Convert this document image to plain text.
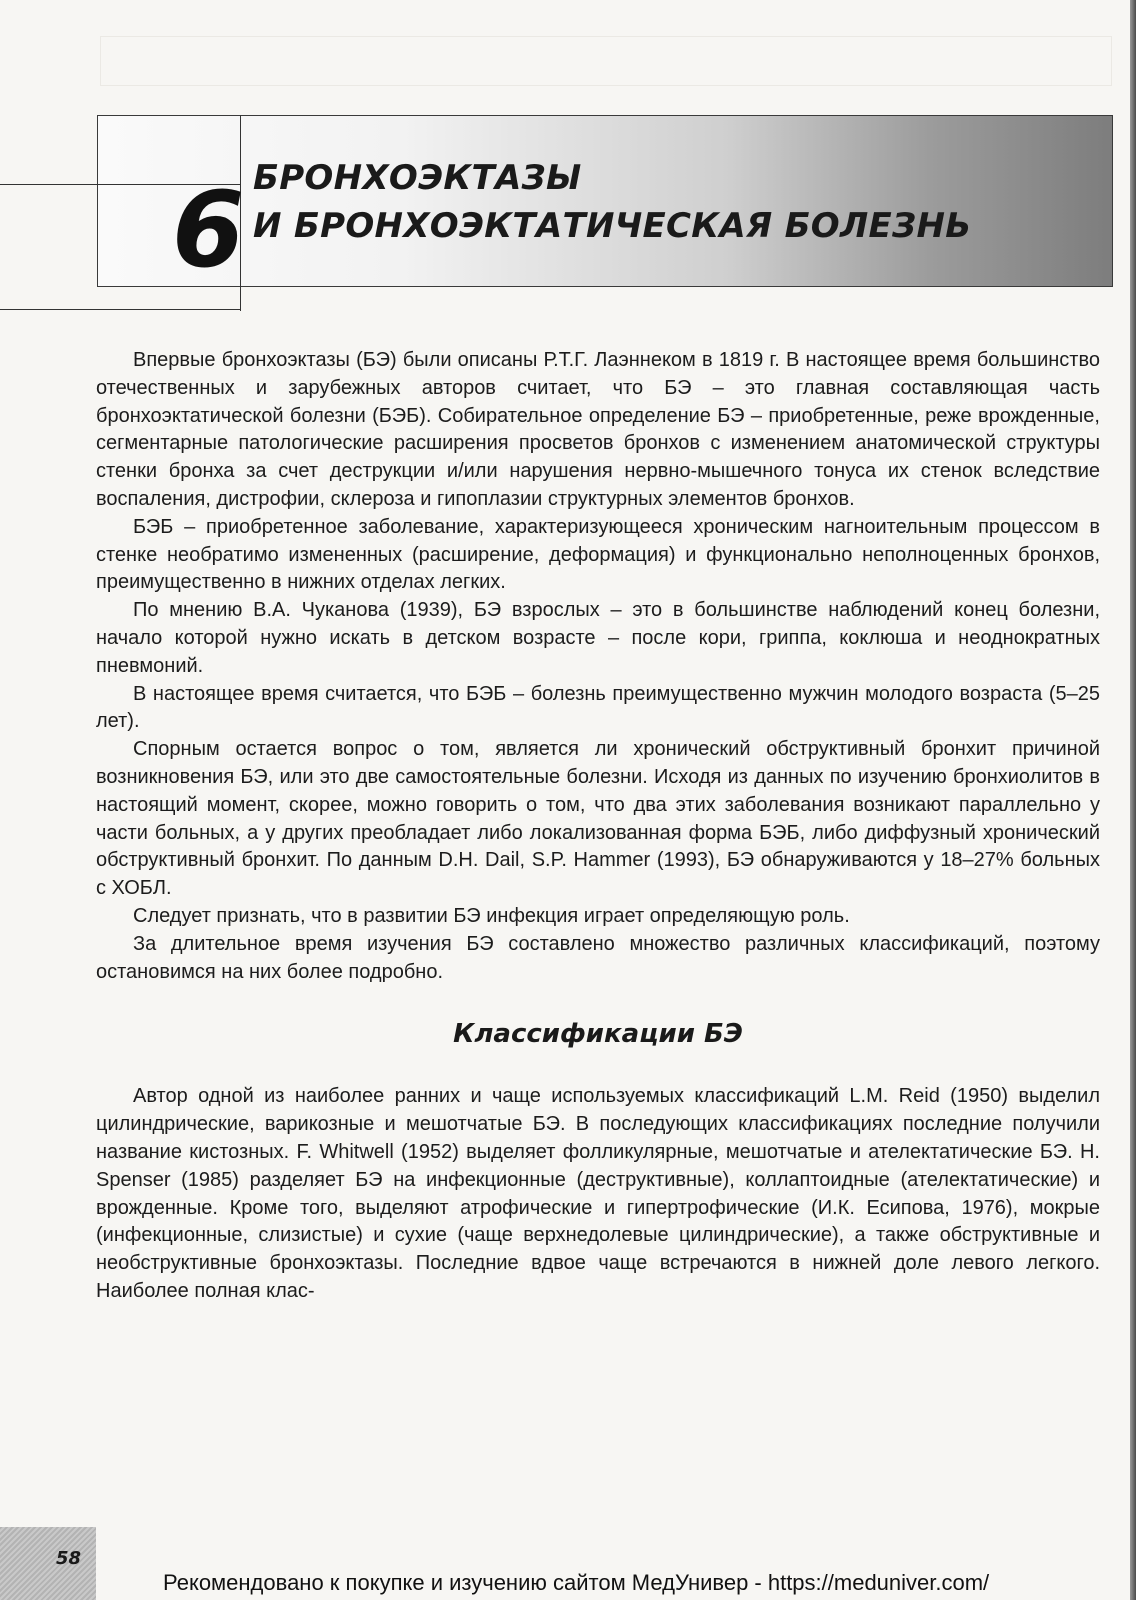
6 БРОНХОЭКТАЗЫ
И БРОНХОЭКТАТИЧЕСКАЯ БОЛЕЗНЬ

Впервые бронхоэктазы (БЭ) были описаны Р.Т.Г. Лаэннеком в 1819 г. В настоящее время большинство отечественных и зарубежных авторов считает, что БЭ – это главная составляющая часть бронхоэктатической болезни (БЭБ). Собирательное определение БЭ – приобретенные, реже врожденные, сегментарные патологические расширения просветов бронхов с изменением анатомической структуры стенки бронха за счет деструкции и/или нарушения нервно-мышечного тонуса их стенок вследствие воспаления, дистрофии, склероза и гипоплазии структурных элементов бронхов.

БЭБ – приобретенное заболевание, характеризующееся хроническим нагноительным процессом в стенке необратимо измененных (расширение, деформация) и функционально неполноценных бронхов, преимущественно в нижних отделах легких.

По мнению В.А. Чуканова (1939), БЭ взрослых – это в большинстве наблюдений конец болезни, начало которой нужно искать в детском возрасте – после кори, гриппа, коклюша и неоднократных пневмоний.

В настоящее время считается, что БЭБ – болезнь преимущественно мужчин молодого возраста (5–25 лет).

Спорным остается вопрос о том, является ли хронический обструктивный бронхит причиной возникновения БЭ, или это две самостоятельные болезни. Исходя из данных по изучению бронхиолитов в настоящий момент, скорее, можно говорить о том, что два этих заболевания возникают параллельно у части больных, а у других преобладает либо локализованная форма БЭБ, либо диффузный хронический обструктивный бронхит. По данным D.H. Dail, S.P. Hammer (1993), БЭ обнаруживаются у 18–27% больных с ХОБЛ.

Следует признать, что в развитии БЭ инфекция играет определяющую роль.

За длительное время изучения БЭ составлено множество различных классификаций, поэтому остановимся на них более подробно.

Классификации БЭ

Автор одной из наиболее ранних и чаще используемых классификаций L.M. Reid (1950) выделил цилиндрические, варикозные и мешотчатые БЭ. В последующих классификациях последние получили название кистозных. F. Whitwell (1952) выделяет фолликулярные, мешотчатые и ателектатические БЭ. H. Spenser (1985) разделяет БЭ на инфекционные (деструктивные), коллаптоидные (ателектатические) и врожденные. Кроме того, выделяют атрофические и гипертрофические (И.К. Есипова, 1976), мокрые (инфекционные, слизистые) и сухие (чаще верхнедолевые цилиндрические), а также обструктивные и необструктивные бронхоэктазы. Последние вдвое чаще встречаются в нижней доле левого легкого. Наиболее полная клас-

58
Рекомендовано к покупке и изучению сайтом МедУнивер - https://meduniver.com/
